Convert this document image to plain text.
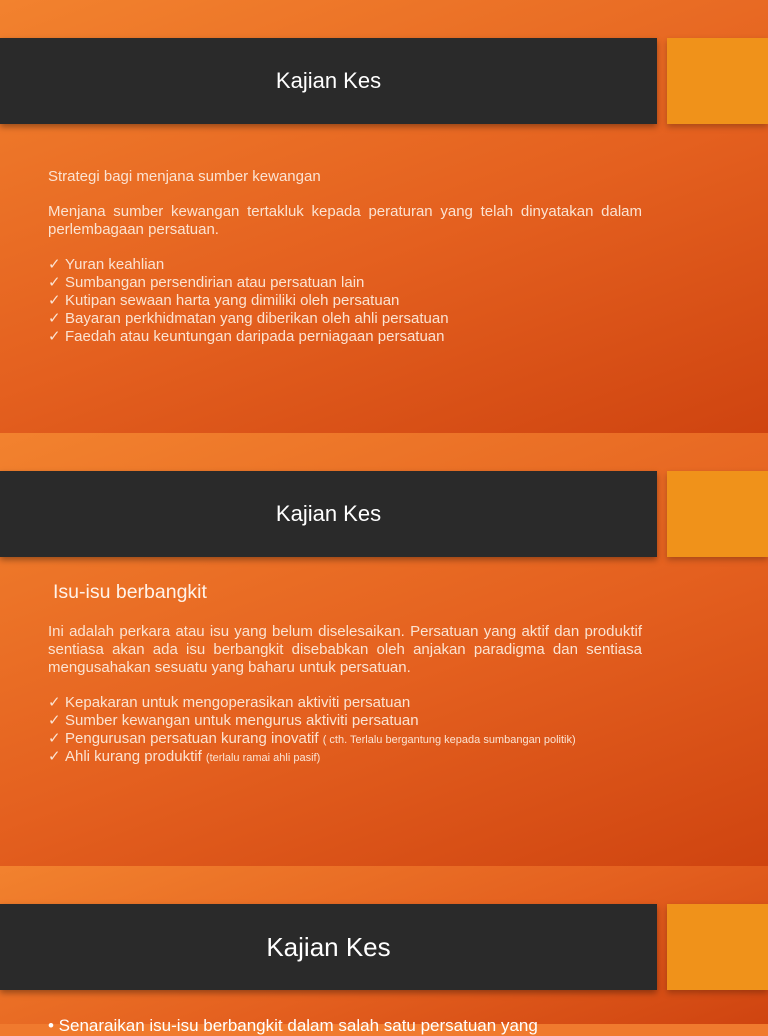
Kajian Kes
Strategi bagi menjana sumber kewangan
Menjana sumber kewangan tertakluk kepada peraturan yang telah dinyatakan dalam perlembagaan persatuan.
✓ Yuran keahlian
✓ Sumbangan persendirian atau persatuan lain
✓ Kutipan sewaan harta yang dimiliki oleh persatuan
✓ Bayaran perkhidmatan yang diberikan oleh ahli persatuan
✓ Faedah atau keuntungan daripada perniagaan persatuan
Kajian Kes
Isu-isu berbangkit
Ini adalah perkara atau isu yang belum diselesaikan. Persatuan yang aktif dan produktif sentiasa akan ada isu berbangkit disebabkan oleh anjakan paradigma dan sentiasa mengusahakan sesuatu yang baharu untuk persatuan.
✓ Kepakaran untuk mengoperasikan aktiviti persatuan
✓ Sumber kewangan untuk mengurus aktiviti persatuan
✓ Pengurusan persatuan kurang inovatif ( cth. Terlalu bergantung kepada sumbangan politik)
✓ Ahli kurang produktif (terlalu ramai ahli pasif)
Kajian Kes
• Senaraikan isu-isu berbangkit dalam salah satu persatuan yang
